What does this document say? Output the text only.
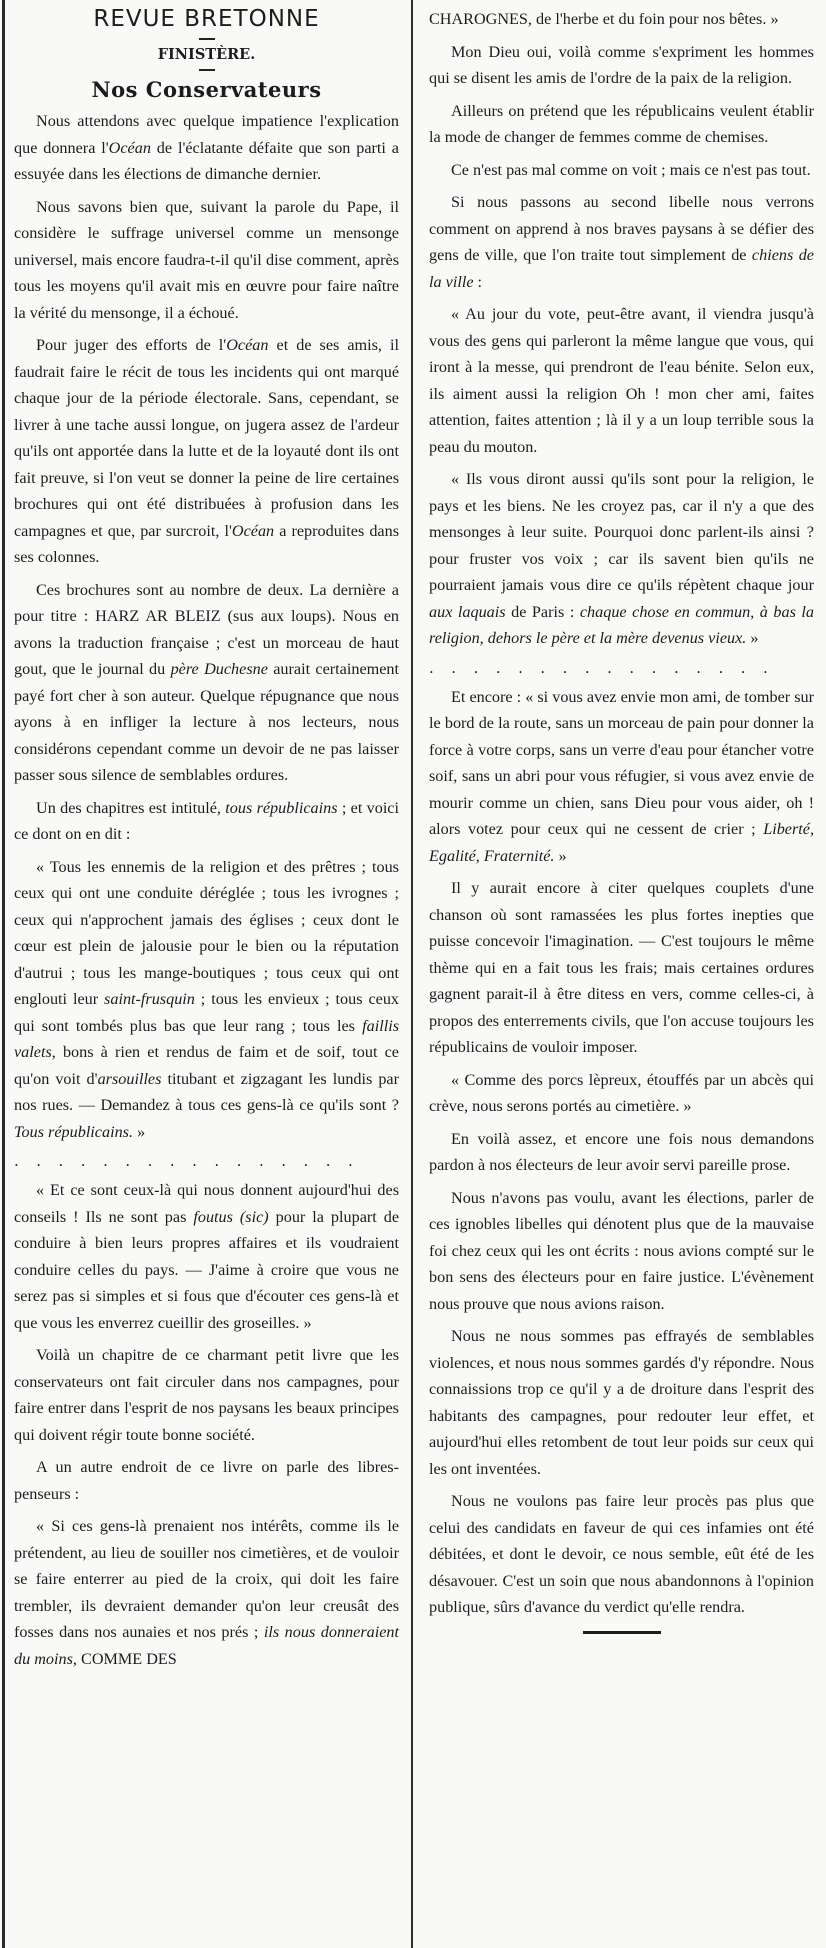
REVUE BRETONNE
FINISTÈRE.
Nos Conservateurs

Nous attendons avec quelque impatience l'explication que donnera l'Océan de l'éclatante défaite que son parti a essuyée dans les élections de dimanche dernier.

Nous savons bien que, suivant la parole du Pape, il considère le suffrage universel comme un mensonge universel, mais encore faudra-t-il qu'il dise comment, après tous les moyens qu'il avait mis en œuvre pour faire naître la vérité du mensonge, il a échoué.

Pour juger des efforts de l'Océan et de ses amis, il faudrait faire le récit de tous les incidents qui ont marqué chaque jour de la période électorale. Sans, cependant, se livrer à une tache aussi longue, on jugera assez de l'ardeur qu'ils ont apportée dans la lutte et de la loyauté dont ils ont fait preuve, si l'on veut se donner la peine de lire certaines brochures qui ont été distribuées à profusion dans les campagnes et que, par surcroit, l'Océan a reproduites dans ses colonnes.

Ces brochures sont au nombre de deux. La dernière a pour titre : HARZ AR BLEIZ (sus aux loups). Nous en avons la traduction française ; c'est un morceau de haut gout, que le journal du père Duchesne aurait certainement payé fort cher à son auteur. Quelque répugnance que nous ayons à en infliger la lecture à nos lecteurs, nous considérons cependant comme un devoir de ne pas laisser passer sous silence de semblables ordures.

Un des chapitres est intitulé, tous républicains ; et voici ce dont on en dit :

« Tous les ennemis de la religion et des prêtres ; tous ceux qui ont une conduite déréglée ; tous les ivrognes ; ceux qui n'approchent jamais des églises ; ceux dont le cœur est plein de jalousie pour le bien ou la réputation d'autrui ; tous les mange-boutiques ; tous ceux qui ont englouti leur saint-frusquin ; tous les envieux ; tous ceux qui sont tombés plus bas que leur rang ; tous les faillis valets, bons à rien et rendus de faim et de soif, tout ce qu'on voit d'arsouilles titubant et zigzagant les lundis par nos rues. — Demandez à tous ces gens-là ce qu'ils sont ? Tous républicains. »

................

« Et ce sont ceux-là qui nous donnent aujourd'hui des conseils ! Ils ne sont pas foutus (sic) pour la plupart de conduire à bien leurs propres affaires et ils voudraient conduire celles du pays. — J'aime à croire que vous ne serez pas si simples et si fous que d'écouter ces gens-là et que vous les enverrez cueillir des groseilles. »

Voilà un chapitre de ce charmant petit livre que les conservateurs ont fait circuler dans nos campagnes, pour faire entrer dans l'esprit de nos paysans les beaux principes qui doivent régir toute bonne société.

A un autre endroit de ce livre on parle des libres-penseurs :

« Si ces gens-là prenaient nos intérêts, comme ils le prétendent, au lieu de souiller nos cimetières, et de vouloir se faire enterrer au pied de la croix, qui doit les faire trembler, ils devraient demander qu'on leur creusât des fosses dans nos aunaies et nos prés ; ils nous donneraient du moins, COMME DES

CHAROGNES, de l'herbe et du foin pour nos bêtes. »

Mon Dieu oui, voilà comme s'expriment les hommes qui se disent les amis de l'ordre de la paix de la religion.

Ailleurs on prétend que les républicains veulent établir la mode de changer de femmes comme de chemises.

Ce n'est pas mal comme on voit ; mais ce n'est pas tout.

Si nous passons au second libelle nous verrons comment on apprend à nos braves paysans à se défier des gens de ville, que l'on traite tout simplement de chiens de la ville :

« Au jour du vote, peut-être avant, il viendra jusqu'à vous des gens qui parleront la même langue que vous, qui iront à la messe, qui prendront de l'eau bénite. Selon eux, ils aiment aussi la religion Oh ! mon cher ami, faites attention, faites attention ; là il y a un loup terrible sous la peau du mouton.

« Ils vous diront aussi qu'ils sont pour la religion, le pays et les biens. Ne les croyez pas, car il n'y a que des mensonges à leur suite. Pourquoi donc parlent-ils ainsi ? pour fruster vos voix ; car ils savent bien qu'ils ne pourraient jamais vous dire ce qu'ils répètent chaque jour aux laquais de Paris : chaque chose en commun, à bas la religion, dehors le père et la mère devenus vieux. »

................

Et encore : « si vous avez envie mon ami, de tomber sur le bord de la route, sans un morceau de pain pour donner la force à votre corps, sans un verre d'eau pour étancher votre soif, sans un abri pour vous réfugier, si vous avez envie de mourir comme un chien, sans Dieu pour vous aider, oh ! alors votez pour ceux qui ne cessent de crier ; Liberté, Egalité, Fraternité. »

Il y aurait encore à citer quelques couplets d'une chanson où sont ramassées les plus fortes inepties que puisse concevoir l'imagination. — C'est toujours le même thème qui en a fait tous les frais; mais certaines ordures gagnent parait-il à être ditess en vers, comme celles-ci, à propos des enterrements civils, que l'on accuse toujours les républicains de vouloir imposer.

« Comme des porcs lèpreux, étouffés par un abcès qui crève, nous serons portés au cimetière. »

En voilà assez, et encore une fois nous demandons pardon à nos électeurs de leur avoir servi pareille prose.

Nous n'avons pas voulu, avant les élections, parler de ces ignobles libelles qui dénotent plus que de la mauvaise foi chez ceux qui les ont écrits : nous avions compté sur le bon sens des électeurs pour en faire justice. L'évènement nous prouve que nous avions raison.

Nous ne nous sommes pas effrayés de semblables violences, et nous nous sommes gardés d'y répondre. Nous connaissions trop ce qu'il y a de droiture dans l'esprit des habitants des campagnes, pour redouter leur effet, et aujourd'hui elles retombent de tout leur poids sur ceux qui les ont inventées.

Nous ne voulons pas faire leur procès pas plus que celui des candidats en faveur de qui ces infamies ont été débitées, et dont le devoir, ce nous semble, eût été de les désavouer. C'est un soin que nous abandonnons à l'opinion publique, sûrs d'avance du verdict qu'elle rendra.
